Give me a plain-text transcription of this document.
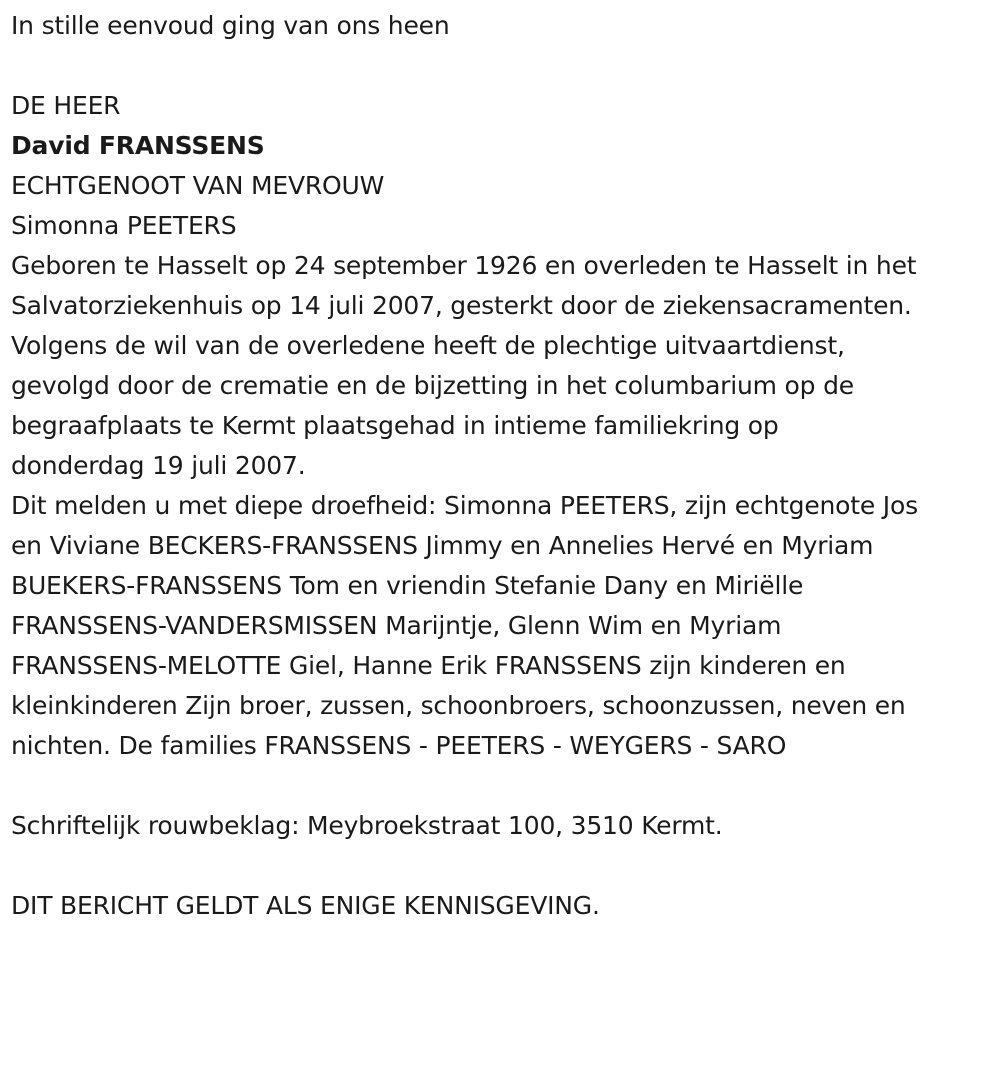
In stille eenvoud ging van ons heen
DE HEER
David FRANSSENS
ECHTGENOOT VAN MEVROUW
Simonna PEETERS
Geboren te Hasselt op 24 september 1926 en overleden te Hasselt in het
Salvatorziekenhuis op 14 juli 2007, gesterkt door de ziekensacramenten.
Volgens de wil van de overledene heeft de plechtige uitvaartdienst,
gevolgd door de crematie en de bijzetting in het columbarium op de
begraafplaats te Kermt plaatsgehad in intieme familiekring op
donderdag 19 juli 2007.
Dit melden u met diepe droefheid: Simonna PEETERS, zijn echtgenote Jos
en Viviane BECKERS-FRANSSENS Jimmy en Annelies Hervé en Myriam
BUEKERS-FRANSSENS Tom en vriendin Stefanie Dany en Miriëlle
FRANSSENS-VANDERSMISSEN Marijntje, Glenn Wim en Myriam
FRANSSENS-MELOTTE Giel, Hanne Erik FRANSSENS zijn kinderen en
kleinkinderen Zijn broer, zussen, schoonbroers, schoonzussen, neven en
nichten. De families FRANSSENS - PEETERS - WEYGERS - SARO
Schriftelijk rouwbeklag: Meybroekstraat 100, 3510 Kermt.
DIT BERICHT GELDT ALS ENIGE KENNISGEVING.
